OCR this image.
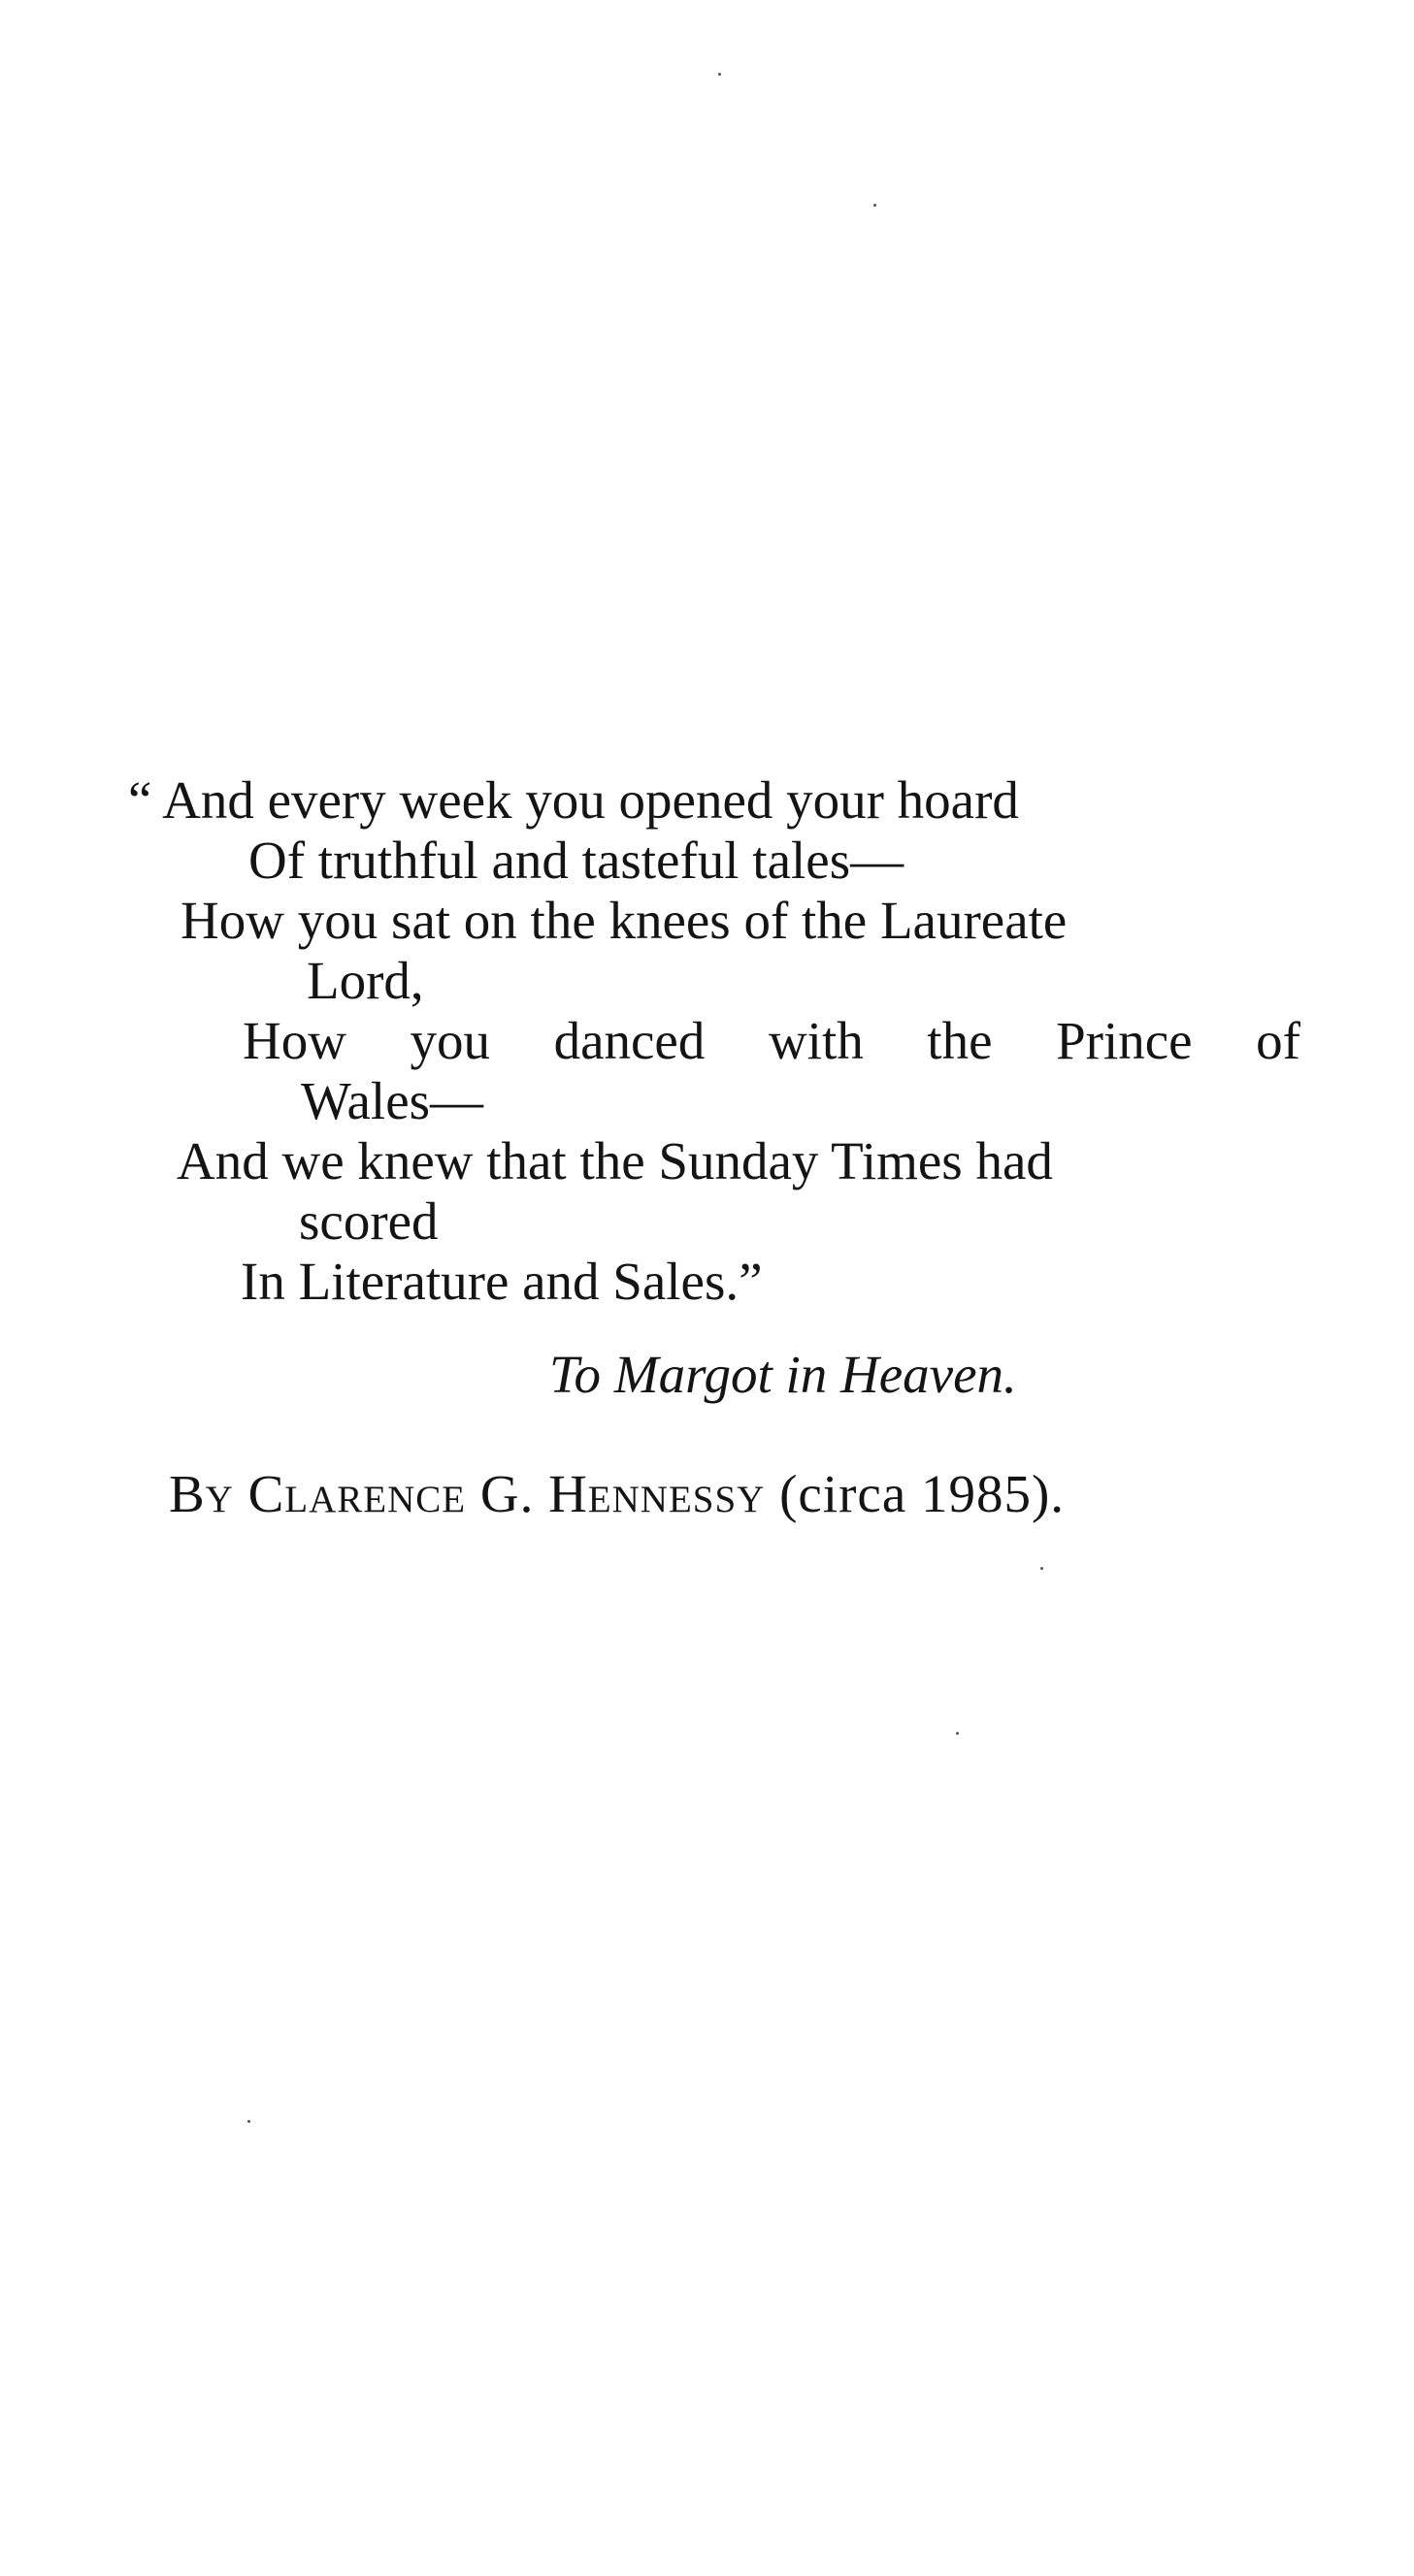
“ And every week you opened your hoard
Of truthful and tasteful tales—
How you sat on the knees of the Laureate
Lord,
How you danced with the Prince of
Wales—
And we knew that the Sunday Times had
scored
In Literature and Sales.”
To Margot in Heaven.
By Clarence G. Hennessy (circa 1985).
